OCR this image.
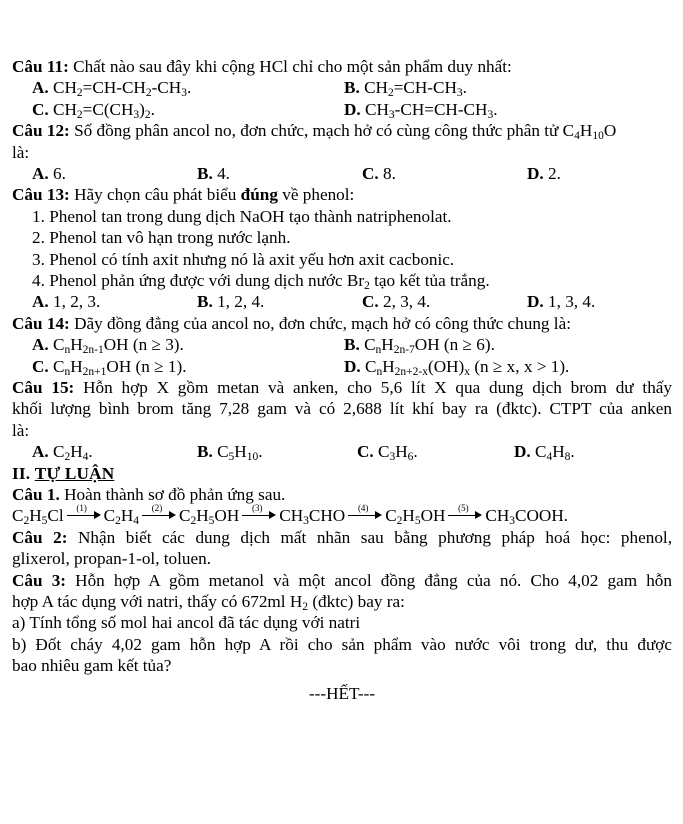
Câu 11: Chất nào sau đây khi cộng HCl chỉ cho một sản phẩm duy nhất:
A. $CH_2=CH-CH_2-CH_3$.	B. $CH_2=CH-CH_3$.
C. $CH_2=C(CH_3)_2$.	D. $CH_3-CH=CH-CH_3$.
Câu 12: Số đồng phân ancol no, đơn chức, mạch hở có cùng công thức phân tử $C_4H_{10}O$
là:
A. 6.	B. 4.	C. 8.	D. 2.
Câu 13: Hãy chọn câu phát biểu đúng về phenol:
1. Phenol tan trong dung dịch NaOH tạo thành natriphenolat.
2. Phenol tan vô hạn trong nước lạnh.
3. Phenol có tính axit nhưng nó là axit yếu hơn axit cacbonic.
4. Phenol phản ứng được với dung dịch nước $Br_2$ tạo kết tủa trắng.
A. 1, 2, 3.	B. 1, 2, 4.	C. 2, 3, 4.	D. 1, 3, 4.
Câu 14: Dãy đồng đẳng của ancol no, đơn chức, mạch hở có công thức chung là:
A. $C_nH_{2n-1}OH$ (n ≥ 3).	B. $C_nH_{2n-7}OH$ (n ≥ 6).
C. $C_nH_{2n+1}OH$ (n ≥ 1).	D. $C_nH_{2n+2-x}(OH)_x$ (n ≥ x, x > 1).
Câu 15: Hỗn hợp X gồm metan và anken, cho 5,6 lít X qua dung dịch brom dư thấy
khối lượng bình brom tăng 7,28 gam và có 2,688 lít khí bay ra (đktc). CTPT của anken
là:
A. $C_2H_4$.	B. $C_5H_{10}$.	C. $C_3H_6$.	D. $C_4H_8$.
II. TỰ LUẬN
Câu 1. Hoàn thành sơ đồ phản ứng sau.
$C_2H_5Cl$	(1) $C_2H_4$
(2) $C_2H_5OH$	(3) $CH_3CHO$	(4) $C_2H_5OH$	(5) $CH_3COOH$.
Câu 2: Nhận biết các dung dịch mất nhãn sau bằng phương pháp hoá học: phenol,
glixerol, propan-1-ol, toluen.
Câu 3: Hỗn hợp A gồm metanol và một ancol đồng đẳng của nó. Cho 4,02 gam hỗn
hợp A tác dụng với natri, thấy có 672ml $H_2$ (đktc) bay ra:
a) Tính tổng số mol hai ancol đã tác dụng với natri
b) Đốt cháy 4,02 gam hỗn hợp A rồi cho sản phẩm vào nước vôi trong dư, thu được
bao nhiêu gam kết tủa?
---HẾT---
